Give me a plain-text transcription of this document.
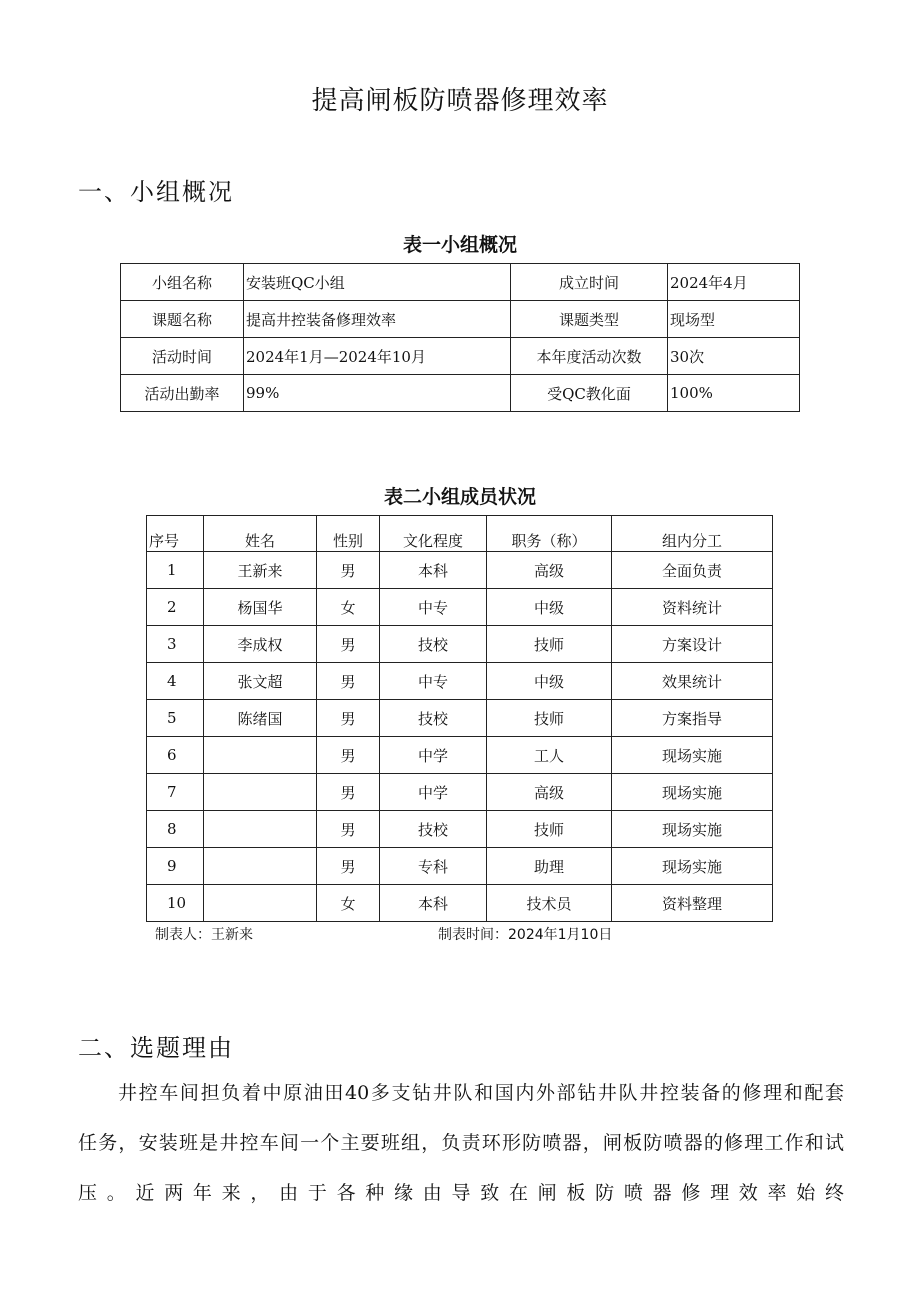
提高闸板防喷器修理效率
一、小组概况
表一小组概况
小组名称	安装班QC小组	成立时间	2024年4月
课题名称	提高井控装备修理效率	课题类型	现场型
活动时间	2024年1月—2024年10月	本年度活动次数	30次
活动出勤率	99%	受QC教化面	100%
表二小组成员状况
序号	姓名	性别	文化程度	职务（称）	组内分工
1	王新来	男	本科	高级	全面负责
2	杨国华	女	中专	中级	资料统计
3	李成权	男	技校	技师	方案设计
4	张文超	男	中专	中级	效果统计
5	陈绪国	男	技校	技师	方案指导
6		男	中学	工人	现场实施
7		男	中学	高级	现场实施
8		男	技校	技师	现场实施
9		男	专科	助理	现场实施
10		女	本科	技术员	资料整理
制表人：王新来	制表时间：2024年1月10日
二、选题理由
井控车间担负着中原油田40多支钻井队和国内外部钻井队井控装备的修理和配套
任务，安装班是井控车间一个主要班组，负责环形防喷器，闸板防喷器的修理工作和试
压。近两年来，由于各种缘由导致在闸板防喷器修理效率始终
